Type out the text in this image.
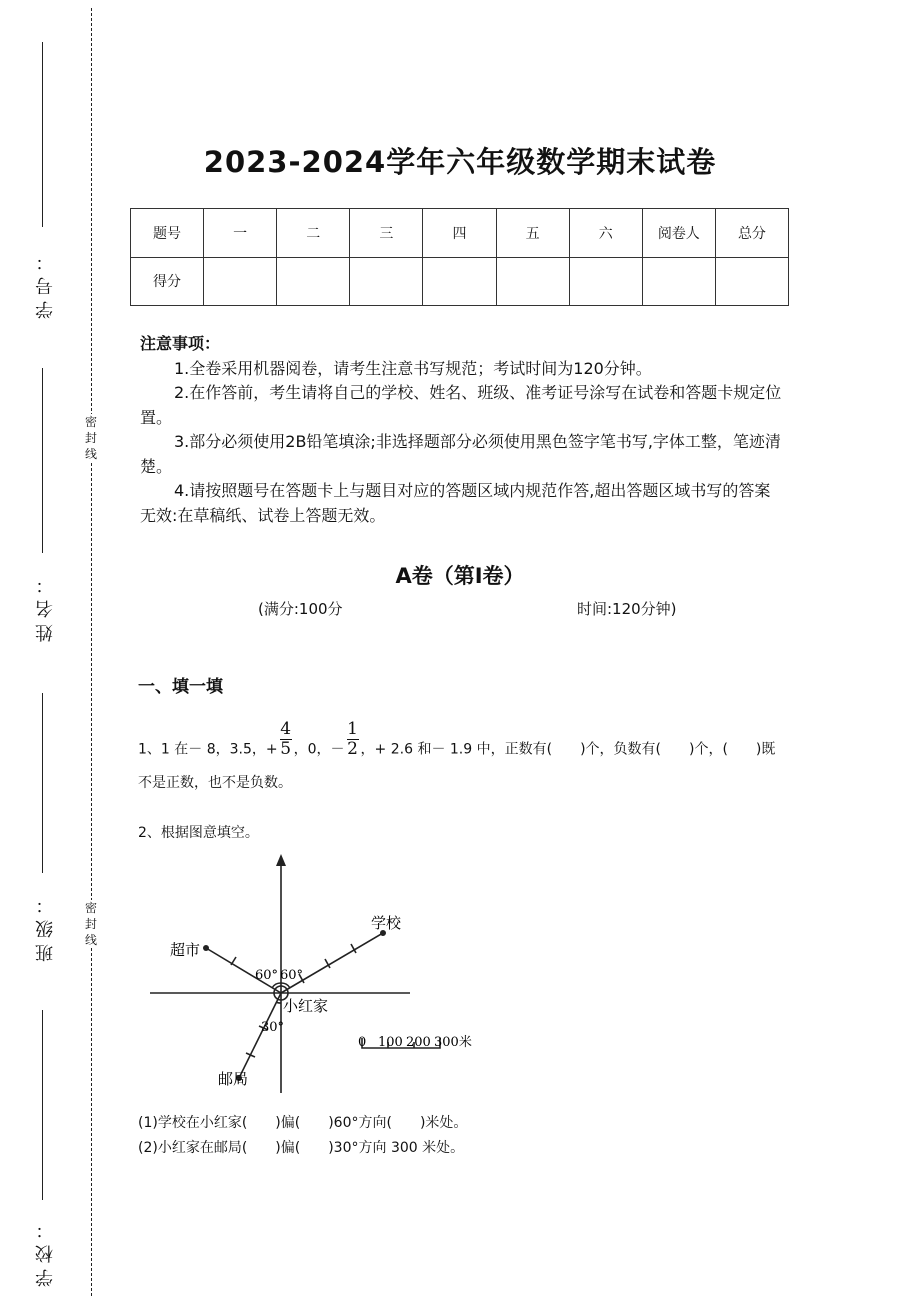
学号：
姓名：
班级：
学校：
密封线
密封线
2023-2024学年六年级数学期末试卷
题号	一	二	三	四	五	六	阅卷人	总分
得分								
注意事项：

1.全卷采用机器阅卷，请考生注意书写规范；考试时间为120分钟。

2.在作答前，考生请将自己的学校、姓名、班级、准考证号涂写在试卷和答题卡规定位置。

3.部分必须使用2B铅笔填涂;非选择题部分必须使用黑色签字笔书写,字体工整，笔迹清楚。

4.请按照题号在答题卡上与题目对应的答题区域内规范作答,超出答题区域书写的答案无效:在草稿纸、试卷上答题无效。

A卷（第Ⅰ卷）
(满分:100分	时间:120分钟)
一、填一填
1、1 在－ 8，3.5，+ $\frac{4}{5}$ ，0，－ $\frac{1}{2}$ ，+ 2.6 和－ 1.9 中，正数有(　　)个，负数有(　　)个，(　　)既
不是正数，也不是负数。
2、根据图意填空。
学校
超市
小红家
邮局
60° 60°
30°
0 100 200 300米
(1)学校在小红家(　　)偏(　　)60°方向(　　)米处。
(2)小红家在邮局(　　)偏(　　)30°方向 300 米处。
